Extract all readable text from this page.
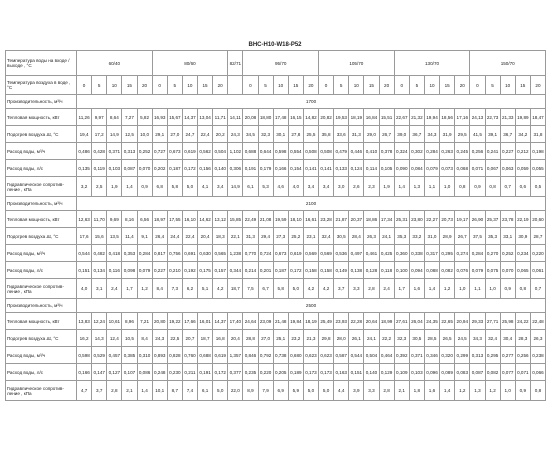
ВНС-Н10-W18-P52
Температура воды на входе /выходе , °С	60/40					80/60					82/71	95/70					105/70					130/70					150/70				
Температура воздуха в воде , °С	0	5	10	15	20	0	5	10	15	20		0	5	10	15	20	0	5	10	15	20	0	5	10	15	20	0	5	10	15	20
Производительность, м³/ч	1700																														
Тепловая мощность, кВт	11,26	9,97	8,64	7,27	5,82	16,93	15,67	14,37	13,04	11,71	14,11	20,08	18,80	17,48	16,15	14,82	20,82	19,53	18,19	16,84	15,51	22,67	21,32	19,94	18,56	17,16	24,13	22,73	21,33	19,89	18,47
Подогрев воздуха Δt, °С	19,4	17,2	14,9	12,5	10,0	29,1	27,0	24,7	22,4	20,2	24,3	34,5	32,3	30,1	27,8	25,5	35,8	33,6	31,3	29,0	26,7	39,0	36,7	34,3	31,9	29,5	41,5	39,1	36,7	34,2	31,8
Расход воды, м³/ч	0,486	0,428	0,371	0,313	0,252	0,727	0,673	0,619	0,562	0,504	1,102	0,688	0,644	0,598	0,554	0,508	0,508	0,479	0,446	0,410	0,378	0,324	0,302	0,284	0,263	0,245	0,256	0,241	0,227	0,212	0,198
Расход воды, л/с	0,135	0,119	0,103	0,087	0,070	0,202	0,187	0,172	0,156	0,140	0,306	0,191	0,179	0,166	0,154	0,141	0,141	0,133	0,124	0,114	0,105	0,090	0,084	0,079	0,073	0,068	0,071	0,067	0,063	0,059	0,055
Гидравлическое сопротив- ление , кПа	3,2	2,5	1,9	1,4	0,9	6,8	5,8	5,0	4,1	3,4	14,9	6,1	5,3	4,6	4,0	3,4	3,4	3,0	2,6	2,3	1,9	1,4	1,3	1,1	1,0	0,8	0,9	0,8	0,7	0,6	0,5
Производительность, м³/ч	2100																														
Тепловая мощность, кВт	12,63	11,70	9,69	8,16	6,56	18,97	17,55	16,10	14,62	13,12	15,85	22,49	21,08	19,59	18,10	16,61	23,28	21,87	20,37	18,86	17,34	25,31	23,80	22,27	20,73	19,17	26,90	25,37	23,78	22,19	20,60
Подогрев воздуха Δt, °С	17,6	15,6	13,5	11,4	9,1	26,4	24,4	22,4	20,4	18,3	22,1	31,3	29,4	27,3	25,2	23,1	32,4	30,5	28,4	26,3	24,1	35,3	33,2	31,0	28,9	26,7	37,5	35,3	33,1	30,9	28,7
Расход воды, м³/ч	0,544	0,482	0,418	0,353	0,284	0,817	0,756	0,691	0,630	0,565	1,238	0,770	0,724	0,673	0,619	0,569	0,569	0,536	0,497	0,461	0,425	0,360	0,338	0,317	0,295	0,274	0,284	0,270	0,252	0,234	0,220
Расход воды, л/с	0,151	0,134	0,116	0,098	0,079	0,227	0,210	0,192	0,175	0,157	0,344	0,214	0,201	0,187	0,172	0,158	0,158	0,149	0,138	0,128	0,118	0,100	0,094	0,088	0,082	0,076	0,079	0,075	0,070	0,065	0,061
Гидравлическое сопротив- ление , кПа	4,0	3,1	2,4	1,7	1,2	8,4	7,3	6,2	5,1	4,2	18,7	7,5	6,7	5,8	5,0	4,2	4,2	3,7	3,3	2,8	2,4	1,7	1,6	1,4	1,2	1,0	1,1	1,0	0,9	0,8	0,7
Производительность, м³/ч	2500																														
Тепловая мощность, кВт	13,83	12,24	10,61	8,96	7,21	20,80	19,22	17,66	16,01	14,37	17,40	24,64	23,09	21,48	19,84	18,19	25,49	23,93	22,28	20,64	18,99	27,61	26,04	24,35	22,65	20,94	29,33	27,71	25,98	24,22	22,48
Подогрев воздуха Δt, °С	16,2	14,3	12,4	10,5	8,4	24,3	22,5	20,7	18,7	16,8	20,4	28,8	27,0	25,1	23,2	21,3	29,8	28,0	26,1	24,1	22,2	32,3	30,5	28,5	26,5	24,5	34,3	32,4	30,4	28,3	26,3
Расход воды, м³/ч	0,598	0,529	0,457	0,385	0,310	0,893	0,828	0,760	0,688	0,619	1,357	0,846	0,792	0,738	0,680	0,623	0,623	0,587	0,544	0,504	0,464	0,392	0,371	0,346	0,320	0,299	0,313	0,295	0,277	0,256	0,238
Расход воды, л/с	0,166	0,147	0,127	0,107	0,086	0,248	0,230	0,211	0,191	0,172	0,377	0,235	0,220	0,205	0,189	0,173	0,173	0,163	0,151	0,140	0,129	0,109	0,103	0,096	0,089	0,083	0,087	0,082	0,077	0,071	0,066
Гидравлическое сопротив- ление , кПа	4,7	3,7	2,8	2,1	1,4	10,1	8,7	7,4	6,1	5,0	22,0	8,9	7,9	6,9	5,9	5,0	5,0	4,4	3,9	3,3	2,8	2,1	1,8	1,6	1,4	1,2	1,3	1,2	1,0	0,9	0,8
